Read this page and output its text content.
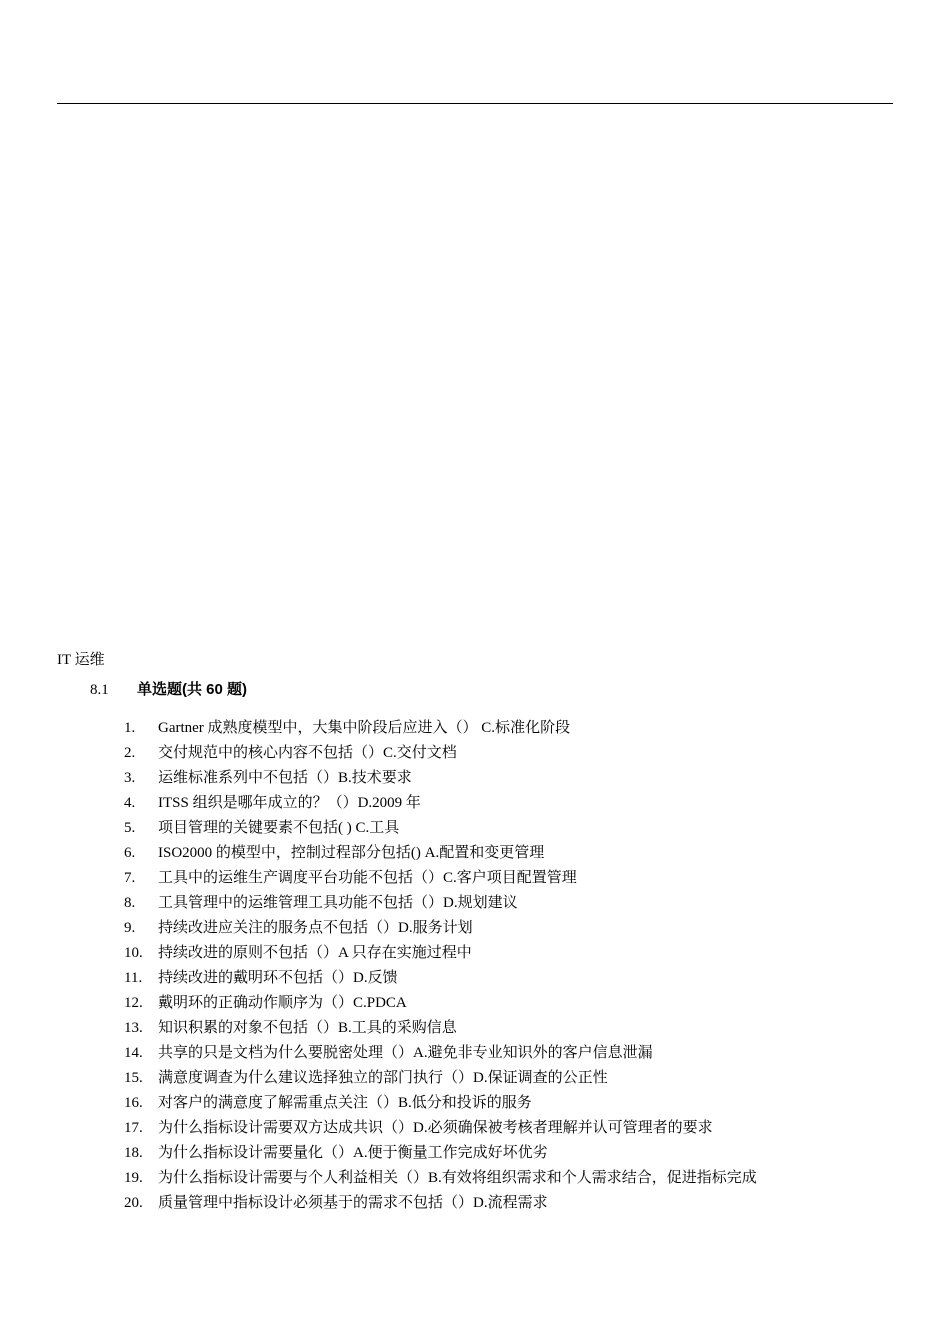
IT 运维
8.1 单选题(共 60 题)
1. Gartner 成熟度模型中，大集中阶段后应进入（） C.标准化阶段
2. 交付规范中的核心内容不包括（）C.交付文档
3. 运维标准系列中不包括（）B.技术要求
4. ITSS 组织是哪年成立的？（）D.2009 年
5. 项目管理的关键要素不包括( ) C.工具
6. ISO2000 的模型中，控制过程部分包括() A.配置和变更管理
7. 工具中的运维生产调度平台功能不包括（）C.客户项目配置管理
8. 工具管理中的运维管理工具功能不包括（）D.规划建议
9. 持续改进应关注的服务点不包括（）D.服务计划
10. 持续改进的原则不包括（）A 只存在实施过程中
11. 持续改进的戴明环不包括（）D.反馈
12. 戴明环的正确动作顺序为（）C.PDCA
13. 知识积累的对象不包括（）B.工具的采购信息
14. 共享的只是文档为什么要脱密处理（）A.避免非专业知识外的客户信息泄漏
15. 满意度调查为什么建议选择独立的部门执行（）D.保证调查的公正性
16. 对客户的满意度了解需重点关注（）B.低分和投诉的服务
17. 为什么指标设计需要双方达成共识（）D.必须确保被考核者理解并认可管理者的要求
18. 为什么指标设计需要量化（）A.便于衡量工作完成好坏优劣
19. 为什么指标设计需要与个人利益相关（）B.有效将组织需求和个人需求结合，促进指标完成
20. 质量管理中指标设计必须基于的需求不包括（）D.流程需求
